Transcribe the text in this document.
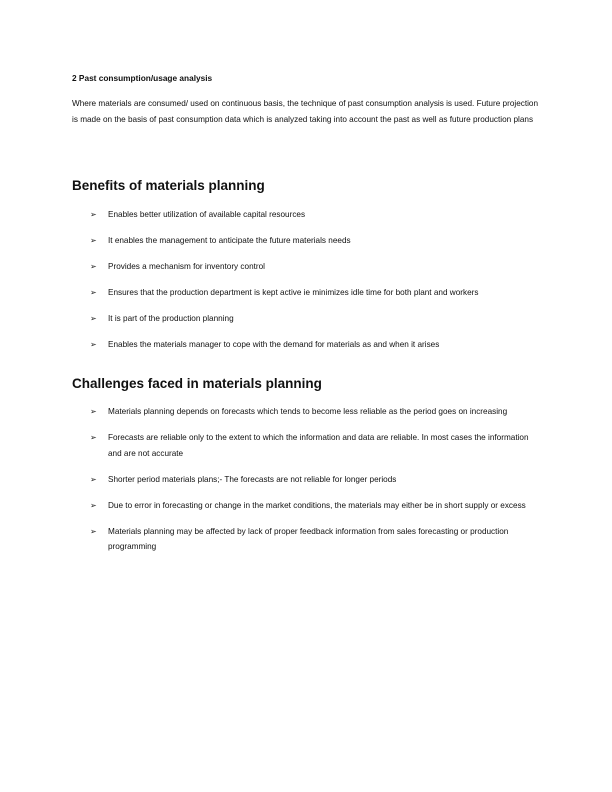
2 Past consumption/usage analysis
Where materials are consumed/ used on continuous basis, the technique of past consumption analysis is used. Future projection is made on the basis of past consumption data which is analyzed taking into account the past as well as future production plans
Benefits of materials planning
➢ Enables better utilization of available capital resources
➢ It enables the management to anticipate the future materials needs
➢ Provides a mechanism for inventory control
➢ Ensures that the production department is kept active ie minimizes idle time for both plant and workers
➢ It is part of the production planning
➢ Enables the materials manager to cope with the demand for materials as and when it arises
Challenges faced in materials planning
➢ Materials planning depends on forecasts which tends to become less reliable as the period goes on increasing
➢ Forecasts are reliable only to the extent to which the information and data are reliable. In most cases the information and are not accurate
➢ Shorter period materials plans;- The forecasts are not reliable for longer periods
➢ Due to error in forecasting or change in the market conditions, the materials may either be in short supply or excess
➢ Materials planning may be affected by lack of proper feedback information from sales forecasting or production programming
